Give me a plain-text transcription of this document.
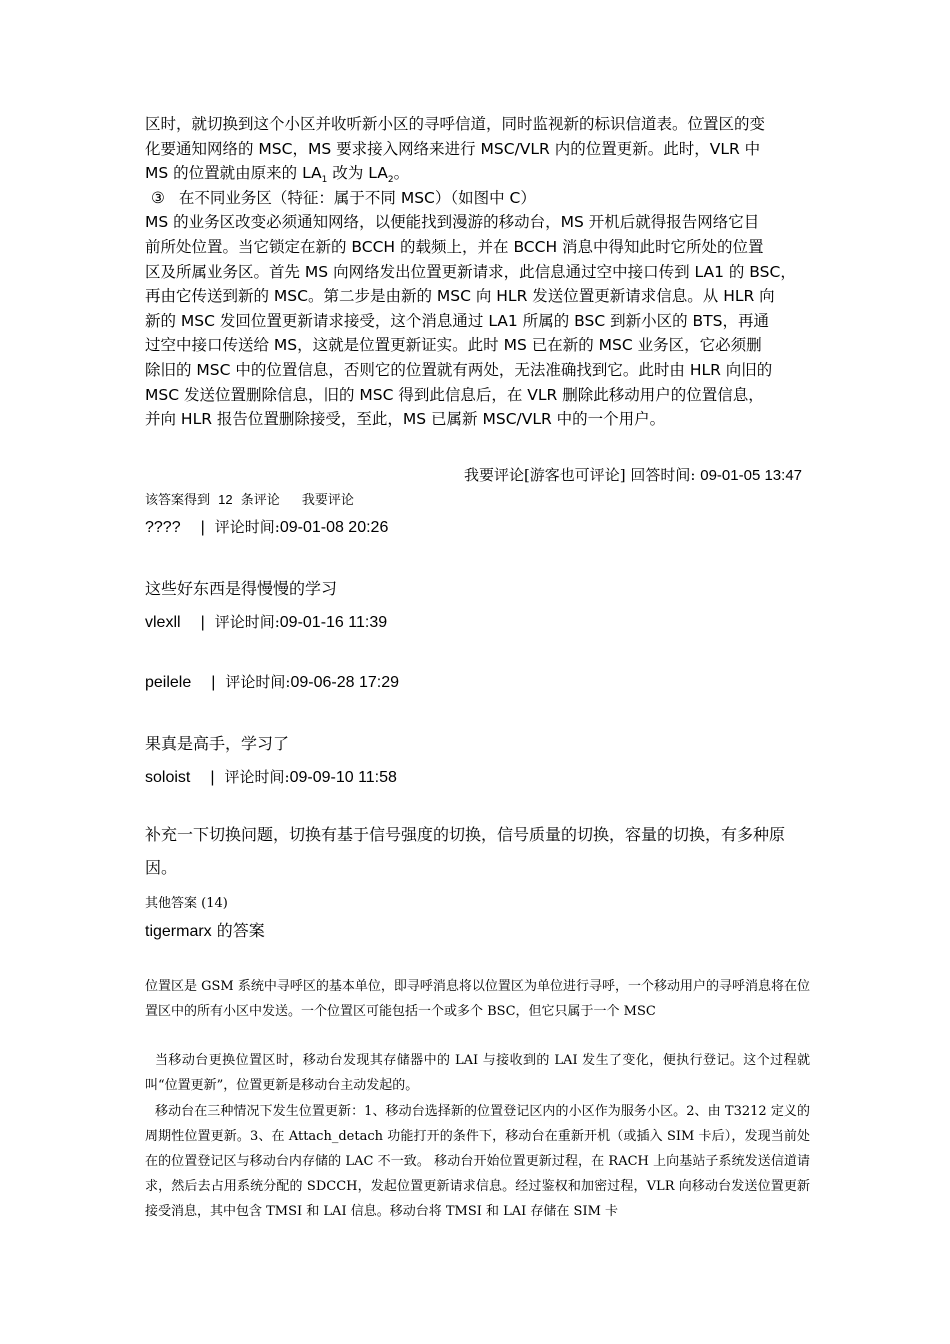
区时，就切换到这个小区并收听新小区的寻呼信道，同时监视新的标识信道表。位置区的变
化要通知网络的 MSC，MS 要求接入网络来进行 MSC/VLR 内的位置更新。此时，VLR 中
MS 的位置就由原来的 $LA_1$ 改为 $LA_2$。
③ 在不同业务区（特征：属于不同 MSC）（如图中 C）
MS 的业务区改变必须通知网络，以便能找到漫游的移动台，MS 开机后就得报告网络它目
前所处位置。当它锁定在新的 BCCH 的载频上，并在 BCCH 消息中得知此时它所处的位置
区及所属业务区。首先 MS 向网络发出位置更新请求，此信息通过空中接口传到 LA1 的 BSC，
再由它传送到新的 MSC。第二步是由新的 MSC 向 HLR 发送位置更新请求信息。从 HLR 向
新的 MSC 发回位置更新请求接受，这个消息通过 LA1 所属的 BSC 到新小区的 BTS，再通
过空中接口传送给 MS，这就是位置更新证实。此时 MS 已在新的 MSC 业务区，它必须删
除旧的 MSC 中的位置信息，否则它的位置就有两处，无法准确找到它。此时由 HLR 向旧的
MSC 发送位置删除信息，旧的 MSC 得到此信息后，在 VLR 删除此移动用户的位置信息，
并向 HLR 报告位置删除接受，至此，MS 已属新 MSC/VLR 中的一个用户。
我要评论[游客也可评论] 回答时间: 09-01-05 13:47
该答案得到 12 条评论 我要评论
???? | 评论时间:09-01-08 20:26
这些好东西是得慢慢的学习
vlexll | 评论时间:09-01-16 11:39
peilele | 评论时间:09-06-28 17:29
果真是高手，学习了
soloist | 评论时间:09-09-10 11:58
补充一下切换问题，切换有基于信号强度的切换，信号质量的切换，容量的切换，有多种原因。
其他答案 (14)
tigermarx 的答案
位置区是 GSM 系统中寻呼区的基本单位，即寻呼消息将以位置区为单位进行寻呼，一个移动用户的寻呼消息将在位置区中的所有小区中发送。一个位置区可能包括一个或多个 BSC，但它只属于一个 MSC
当移动台更换位置区时，移动台发现其存储器中的 LAI 与接收到的 LAI 发生了变化，便执行登记。这个过程就叫“位置更新”，位置更新是移动台主动发起的。
移动台在三种情况下发生位置更新：1、移动台选择新的位置登记区内的小区作为服务小区。2、由 T3212 定义的周期性位置更新。3、在 Attach_detach 功能打开的条件下，移动台在重新开机（或插入 SIM 卡后），发现当前处在的位置登记区与移动台内存储的 LAC 不一致。 移动台开始位置更新过程，在 RACH 上向基站子系统发送信道请求，然后去占用系统分配的 SDCCH，发起位置更新请求信息。经过鉴权和加密过程，VLR 向移动台发送位置更新接受消息，其中包含 TMSI 和 LAI 信息。移动台将 TMSI 和 LAI 存储在 SIM 卡
